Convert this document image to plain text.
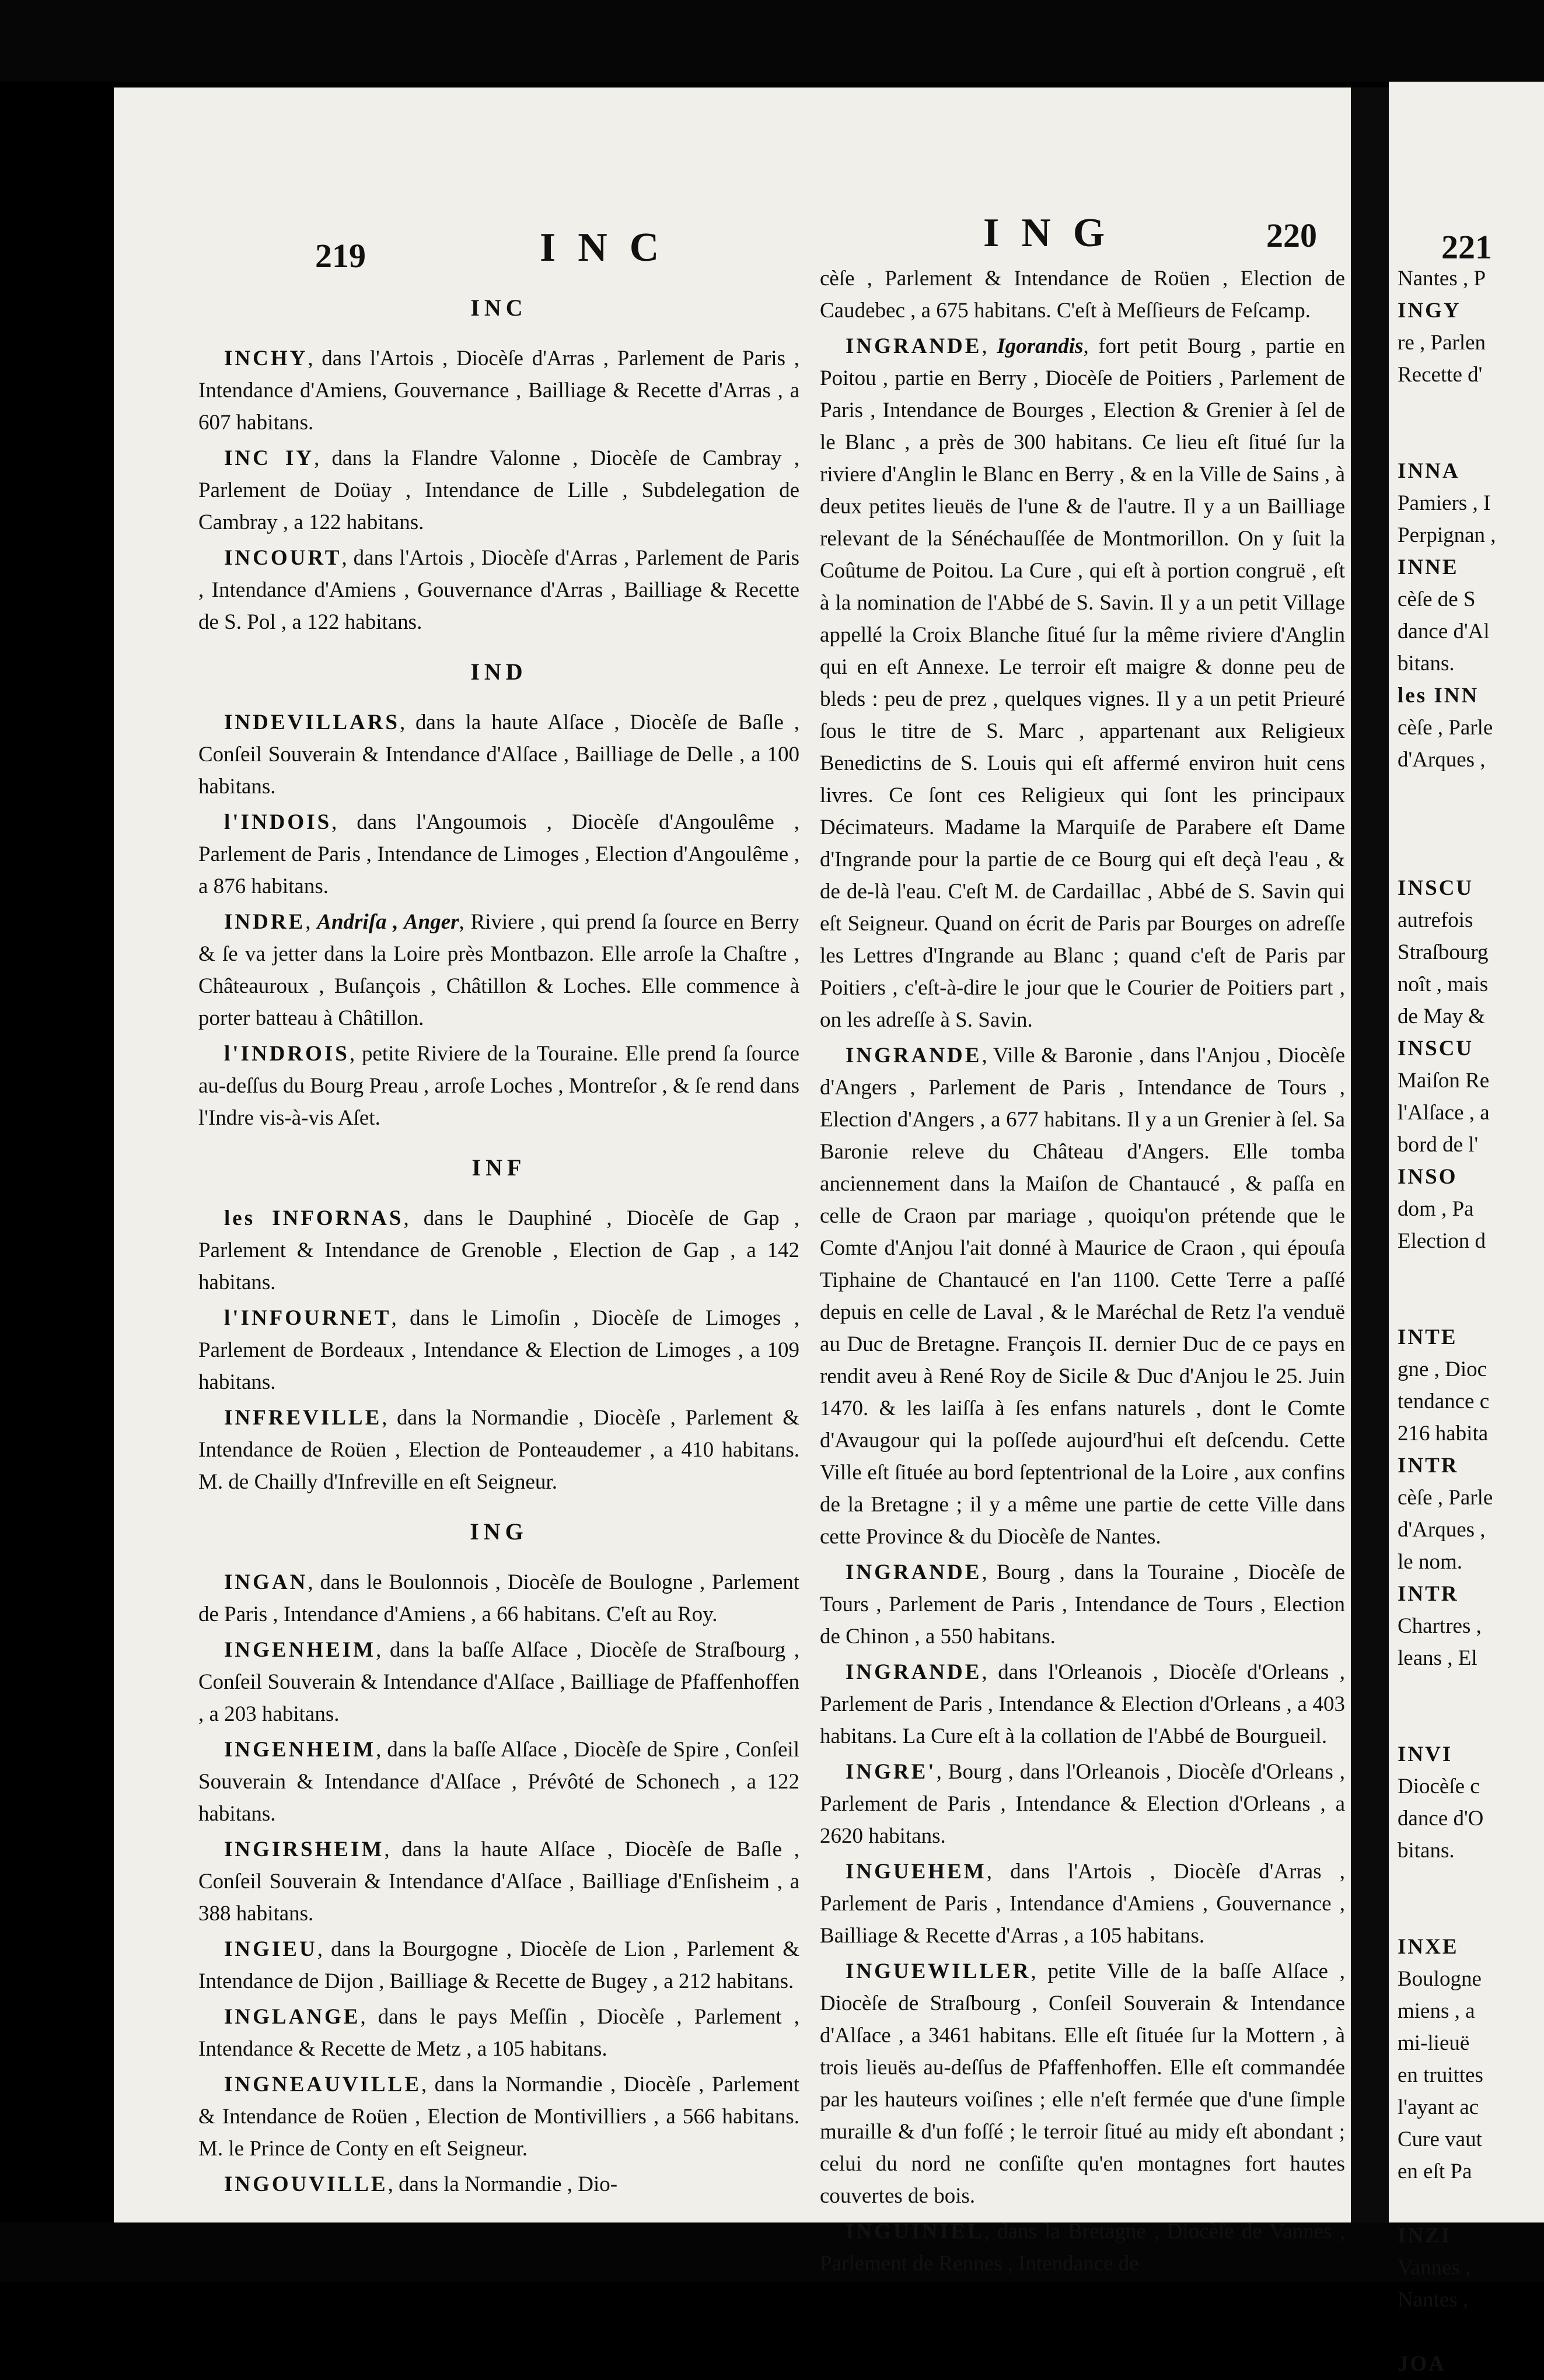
219	INC	ING	220
INC

INCHY, dans l'Artois , Diocèſe d'Arras , Parlement de Paris , Intendance d'Amiens, Gouvernance , Bailliage & Recette d'Arras , a 607 habitans.

INC IY, dans la Flandre Valonne , Diocèſe de Cambray , Parlement de Doüay , Intendance de Lille , Subdelegation de Cambray , a 122 habitans.

INCOURT, dans l'Artois , Diocèſe d'Arras , Parlement de Paris , Intendance d'Amiens , Gouvernance d'Arras , Bailliage & Recette de S. Pol , a 122 habitans.

IND

INDEVILLARS, dans la haute Alſace , Diocèſe de Baſle , Conſeil Souverain & Intendance d'Alſace , Bailliage de Delle , a 100 habitans.

l'INDOIS, dans l'Angoumois , Diocèſe d'Angoulême , Parlement de Paris , Intendance de Limoges , Election d'Angoulême , a 876 habitans.

INDRE, Andriſa , Anger, Riviere , qui prend ſa ſource en Berry & ſe va jetter dans la Loire près Montbazon. Elle arroſe la Chaſtre , Châteauroux , Buſançois , Châtillon & Loches. Elle commence à porter batteau à Châtillon.

l'INDROIS, petite Riviere de la Touraine. Elle prend ſa ſource au-deſſus du Bourg Preau , arroſe Loches , Montreſor , & ſe rend dans l'Indre vis-à-vis Aſet.

INF

les INFORNAS, dans le Dauphiné , Diocèſe de Gap , Parlement & Intendance de Grenoble , Election de Gap , a 142 habitans.

l'INFOURNET, dans le Limoſin , Diocèſe de Limoges , Parlement de Bordeaux , Intendance & Election de Limoges , a 109 habitans.

INFREVILLE, dans la Normandie , Diocèſe , Parlement & Intendance de Roüen , Election de Ponteaudemer , a 410 habitans. M. de Chailly d'Infreville en eſt Seigneur.

ING

INGAN, dans le Boulonnois , Diocèſe de Boulogne , Parlement de Paris , Intendance d'Amiens , a 66 habitans. C'eſt au Roy.

INGENHEIM, dans la baſſe Alſace , Diocèſe de Straſbourg , Conſeil Souverain & Intendance d'Alſace , Bailliage de Pfaffenhoffen , a 203 habitans.

INGENHEIM, dans la baſſe Alſace , Diocèſe de Spire , Conſeil Souverain & Intendance d'Alſace , Prévôté de Schonech , a 122 habitans.

INGIRSHEIM, dans la haute Alſace , Diocèſe de Baſle , Conſeil Souverain & Intendance d'Alſace , Bailliage d'Enſisheim , a 388 habitans.

INGIEU, dans la Bourgogne , Diocèſe de Lion , Parlement & Intendance de Dijon , Bailliage & Recette de Bugey , a 212 habitans.

INGLANGE, dans le pays Meſſin , Diocèſe , Parlement , Intendance & Recette de Metz , a 105 habitans.

INGNEAUVILLE, dans la Normandie , Diocèſe , Parlement & Intendance de Roüen , Election de Montivilliers , a 566 habitans. M. le Prince de Conty en eſt Seigneur.

INGOUVILLE, dans la Normandie , Dio-

cèſe , Parlement & Intendance de Roüen , Election de Caudebec , a 675 habitans. C'eſt à Meſſieurs de Feſcamp.

INGRANDE, Igorandis, fort petit Bourg , partie en Poitou , partie en Berry , Diocèſe de Poitiers , Parlement de Paris , Intendance de Bourges , Election & Grenier à ſel de le Blanc , a près de 300 habitans. Ce lieu eſt ſitué ſur la riviere d'Anglin le Blanc en Berry , & en la Ville de Sains , à deux petites lieuës de l'une & de l'autre. Il y a un Bailliage relevant de la Sénéchauſſée de Montmorillon. On y ſuit la Coûtume de Poitou. La Cure , qui eſt à portion congruë , eſt à la nomination de l'Abbé de S. Savin. Il y a un petit Village appellé la Croix Blanche ſitué ſur la même riviere d'Anglin qui en eſt Annexe. Le terroir eſt maigre & donne peu de bleds : peu de prez , quelques vignes. Il y a un petit Prieuré ſous le titre de S. Marc , appartenant aux Religieux Benedictins de S. Louis qui eſt affermé environ huit cens livres. Ce ſont ces Religieux qui ſont les principaux Décimateurs. Madame la Marquiſe de Parabere eſt Dame d'Ingrande pour la partie de ce Bourg qui eſt deçà l'eau , & de de-là l'eau. C'eſt M. de Cardaillac , Abbé de S. Savin qui eſt Seigneur. Quand on écrit de Paris par Bourges on adreſſe les Lettres d'Ingrande au Blanc ; quand c'eſt de Paris par Poitiers , c'eſt-à-dire le jour que le Courier de Poitiers part , on les adreſſe à S. Savin.

INGRANDE, Ville & Baronie , dans l'Anjou , Diocèſe d'Angers , Parlement de Paris , Intendance de Tours , Election d'Angers , a 677 habitans. Il y a un Grenier à ſel. Sa Baronie releve du Château d'Angers. Elle tomba anciennement dans la Maiſon de Chantaucé , & paſſa en celle de Craon par mariage , quoiqu'on prétende que le Comte d'Anjou l'ait donné à Maurice de Craon , qui épouſa Tiphaine de Chantaucé en l'an 1100. Cette Terre a paſſé depuis en celle de Laval , & le Maréchal de Retz l'a venduë au Duc de Bretagne. François II. dernier Duc de ce pays en rendit aveu à René Roy de Sicile & Duc d'Anjou le 25. Juin 1470. & les laiſſa à ſes enfans naturels , dont le Comte d'Avaugour qui la poſſede aujourd'hui eſt deſcendu. Cette Ville eſt ſituée au bord ſeptentrional de la Loire , aux confins de la Bretagne ; il y a même une partie de cette Ville dans cette Province & du Diocèſe de Nantes.

INGRANDE, Bourg , dans la Touraine , Diocèſe de Tours , Parlement de Paris , Intendance de Tours , Election de Chinon , a 550 habitans.

INGRANDE, dans l'Orleanois , Diocèſe d'Orleans , Parlement de Paris , Intendance & Election d'Orleans , a 403 habitans. La Cure eſt à la collation de l'Abbé de Bourgueil.

INGRE', Bourg , dans l'Orleanois , Diocèſe d'Orleans , Parlement de Paris , Intendance & Election d'Orleans , a 2620 habitans.

INGUEHEM, dans l'Artois , Diocèſe d'Arras , Parlement de Paris , Intendance d'Amiens , Gouvernance , Bailliage & Recette d'Arras , a 105 habitans.

INGUEWILLER, petite Ville de la baſſe Alſace , Diocèſe de Straſbourg , Conſeil Souverain & Intendance d'Alſace , a 3461 habitans. Elle eſt ſituée ſur la Mottern , à trois lieuës au-deſſus de Pfaffenhoffen. Elle eſt commandée par les hauteurs voiſines ; elle n'eſt fermée que d'une ſimple muraille & d'un foſſé ; le terroir ſitué au midy eſt abondant ; celui du nord ne conſiſte qu'en montagnes fort hautes couvertes de bois.

INGUINIEL, dans la Bretagne , Diocèſe de Vannes , Parlement de Rennes , Intendance de

221
Nantes , P
INGY
re , Parlen
Recette d'
INNA
Pamiers , I
Perpignan ,
INNE
cèſe de S
dance d'Al
bitans.
les INN
cèſe , Parle
d'Arques ,
INSCU
autrefois
Straſbourg
noît , mais
de May &
INSCU
Maiſon Re
l'Alſace , a
bord de l'
INSO
dom , Pa
Election d
INTE
gne , Dioc
tendance c
216 habita
INTR
cèſe , Parle
d'Arques ,
le nom.
INTR
Chartres ,
leans , El
INVI
Diocèſe c
dance d'O
bitans.
INXE
Boulogne
miens , a
mi-lieuë
en truittes
l'ayant ac
Cure vaut
en eſt Pa
INZI
Vannes ,
Nantes ,
JOA
